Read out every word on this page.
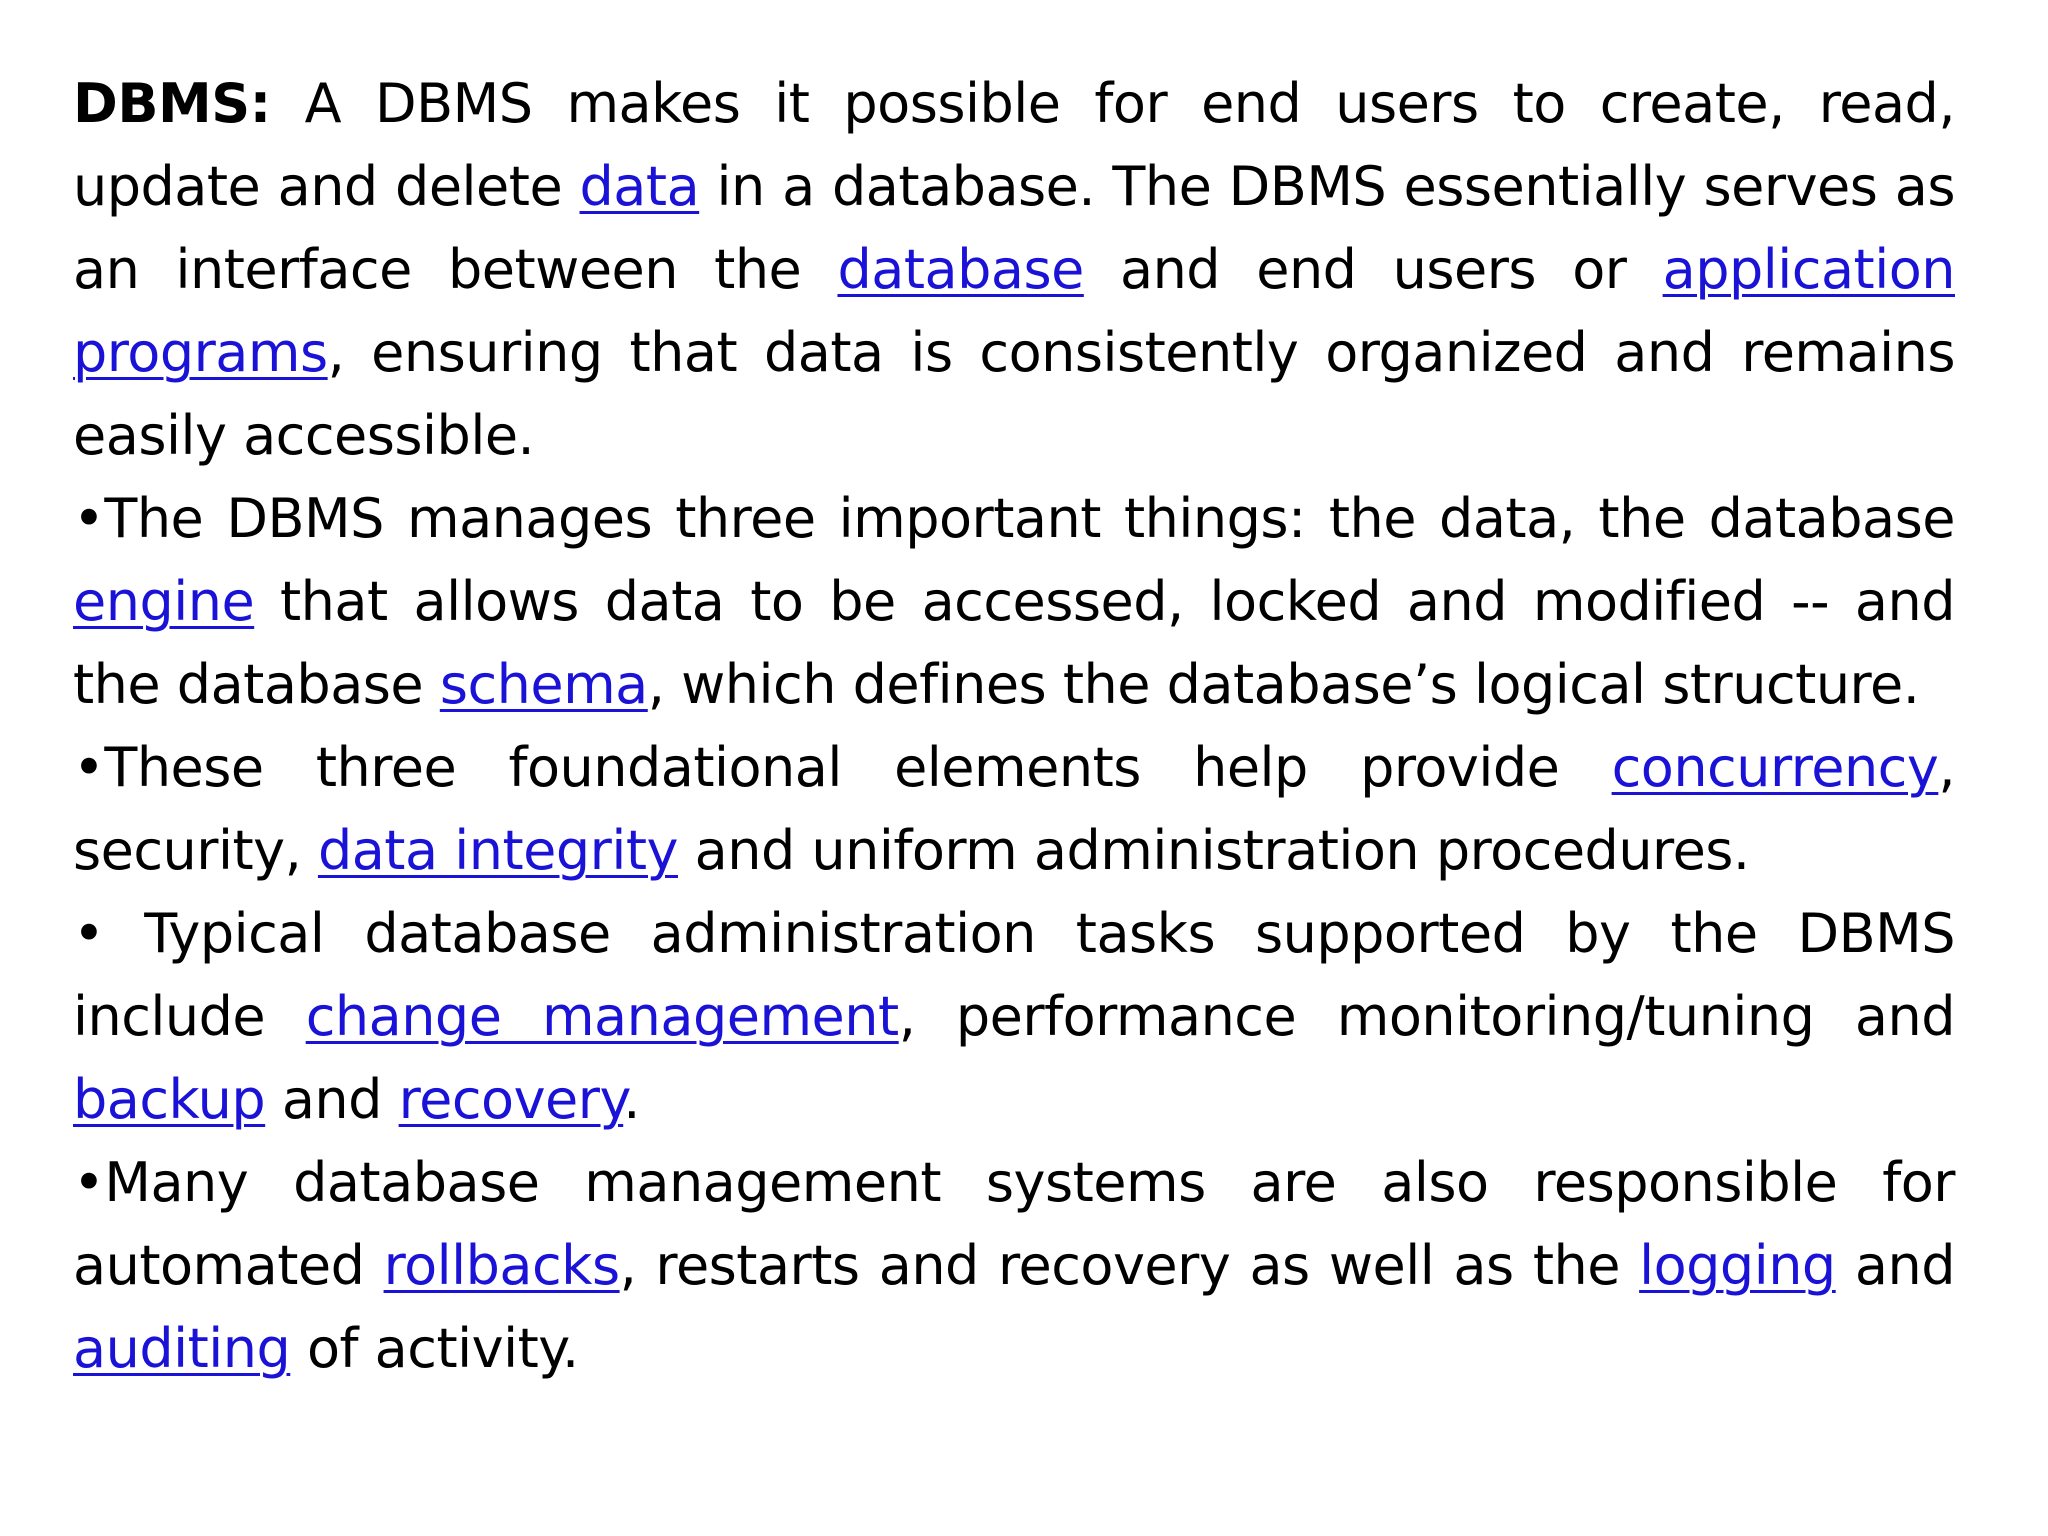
DBMS: A DBMS makes it possible for end users to create, read, update and delete data in a database. The DBMS essentially serves as an interface between the database and end users or application programs, ensuring that data is consistently organized and remains easily accessible.

•The DBMS manages three important things: the data, the database engine that allows data to be accessed, locked and modified -- and the database schema, which defines the database’s logical structure.

•These three foundational elements help provide concurrency, security, data integrity and uniform administration procedures.

• Typical database administration tasks supported by the DBMS include change management, performance monitoring/tuning and backup and recovery.

•Many database management systems are also responsible for automated rollbacks, restarts and recovery as well as the logging and auditing of activity.
